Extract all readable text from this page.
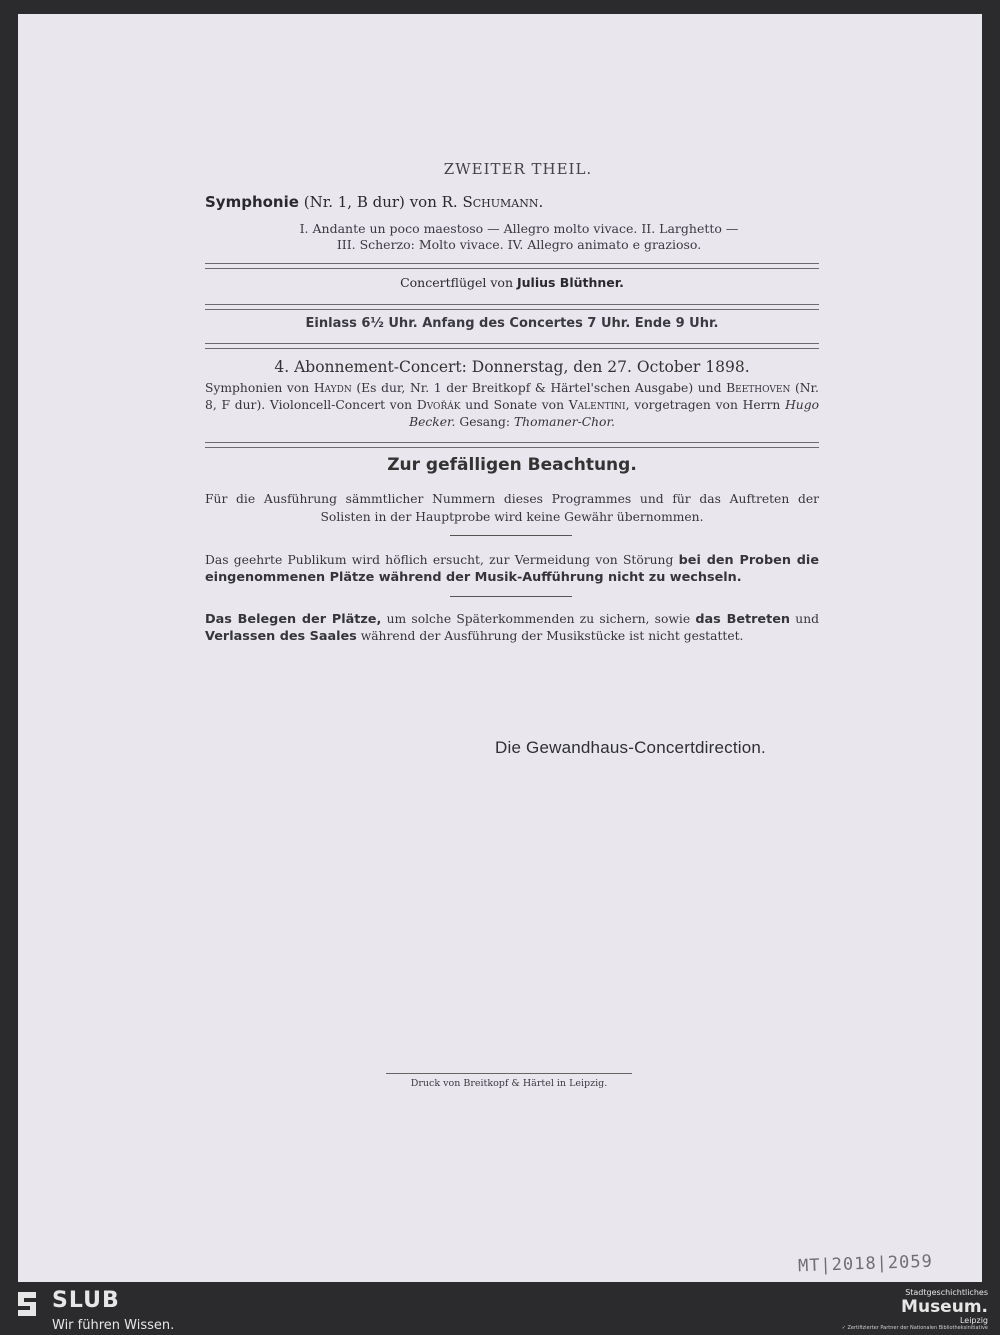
ZWEITER THEIL.

Symphonie (Nr. 1, B dur) von R. Schumann.

I. Andante un poco maestoso — Allegro molto vivace. II. Larghetto —

III. Scherzo: Molto vivace. IV. Allegro animato e grazioso.

Concertflügel von Julius Blüthner.

Einlass 6½ Uhr. Anfang des Concertes 7 Uhr. Ende 9 Uhr.

4. Abonnement-Concert: Donnerstag, den 27. October 1898.

Symphonien von Haydn (Es dur, Nr. 1 der Breitkopf & Härtel'schen Ausgabe) und Beethoven (Nr. 8, F dur). Violoncell-Concert von Dvořák und Sonate von Valentini, vorgetragen von Herrn Hugo Becker. Gesang: Thomaner-Chor.

Zur gefälligen Beachtung.

Für die Ausführung sämmtlicher Nummern dieses Programmes und für das Auftreten der Solisten in der Hauptprobe wird keine Gewähr übernommen.

Das geehrte Publikum wird höflich ersucht, zur Vermeidung von Störung bei den Proben die eingenommenen Plätze während der Musik-Aufführung nicht zu wechseln.

Das Belegen der Plätze, um solche Späterkommenden zu sichern, sowie das Betreten und Verlassen des Saales während der Ausführung der Musikstücke ist nicht gestattet.

Die Gewandhaus-Concertdirection.

Druck von Breitkopf & Härtel in Leipzig.

MT|2018|2059

SLUB
Wir führen Wissen.
Stadtgeschichtliches
Museum.
Leipzig
✓ Zertifizierter Partner der Nationalen Bibliotheksinitiative
